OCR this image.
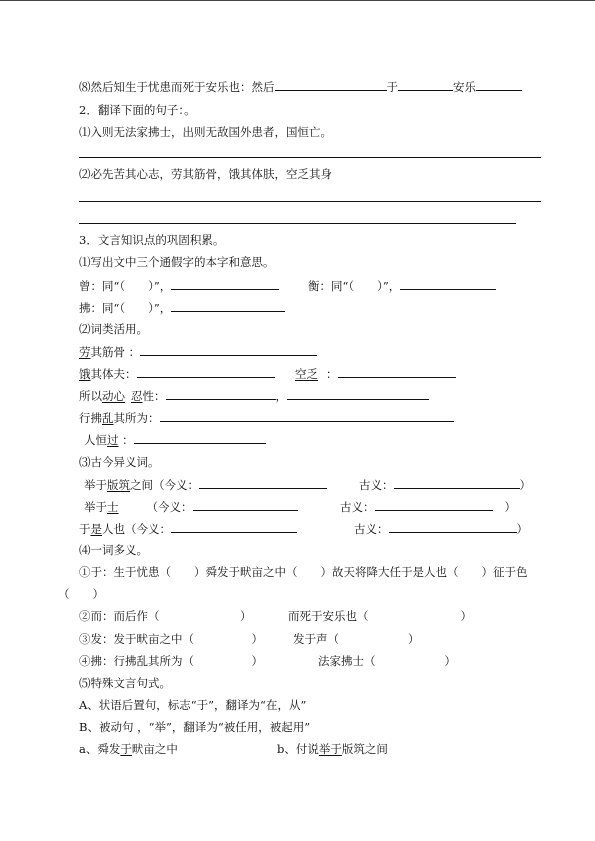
⑻然后知生于忧患而死于安乐也：然后	于	安乐
2．翻译下面的句子：。
⑴入则无法家拂士，出则无敌国外患者，国恒亡。
⑵必先苦其心志，劳其筋骨，饿其体肤，空乏其身
3．文言知识点的巩固积累。
⑴写出文中三个通假字的本字和意思。
曾：同“（　　）”，	衡：同“（　　）”，
拂：同“（　　）”，
⑵词类活用。
劳其筋骨 ：
饿其体夫：	空乏 ：
所以动心 忍性：	，
行拂乱其所为：
人恒过 ：
⑶古今异义词。
举于版筑之间（今义：	古义：	）
举于士 （今义：	古义：	）
于是人也（今义：	古义：	）
⑷一词多义。
①于：生于忧患（　　）舜发于畎亩之中（　　）故天将降大任于是人也（　　）征于色
（　　）
②而：而后作（　　　　　　　）	而死于安乐也（　　　　　　　　）
③发：发于畎亩之中（　　　　　）	发于声（　　　　　　）
④拂：行拂乱其所为（　　　　　）	法家拂士（　　　　　　）
⑸特殊文言句式。
A、状语后置句，标志“于”，翻译为“在，从”
B、被动句 ，“举”，翻译为“被任用，被起用”
a、舜发于畎亩之中	b、付说举于版筑之间
